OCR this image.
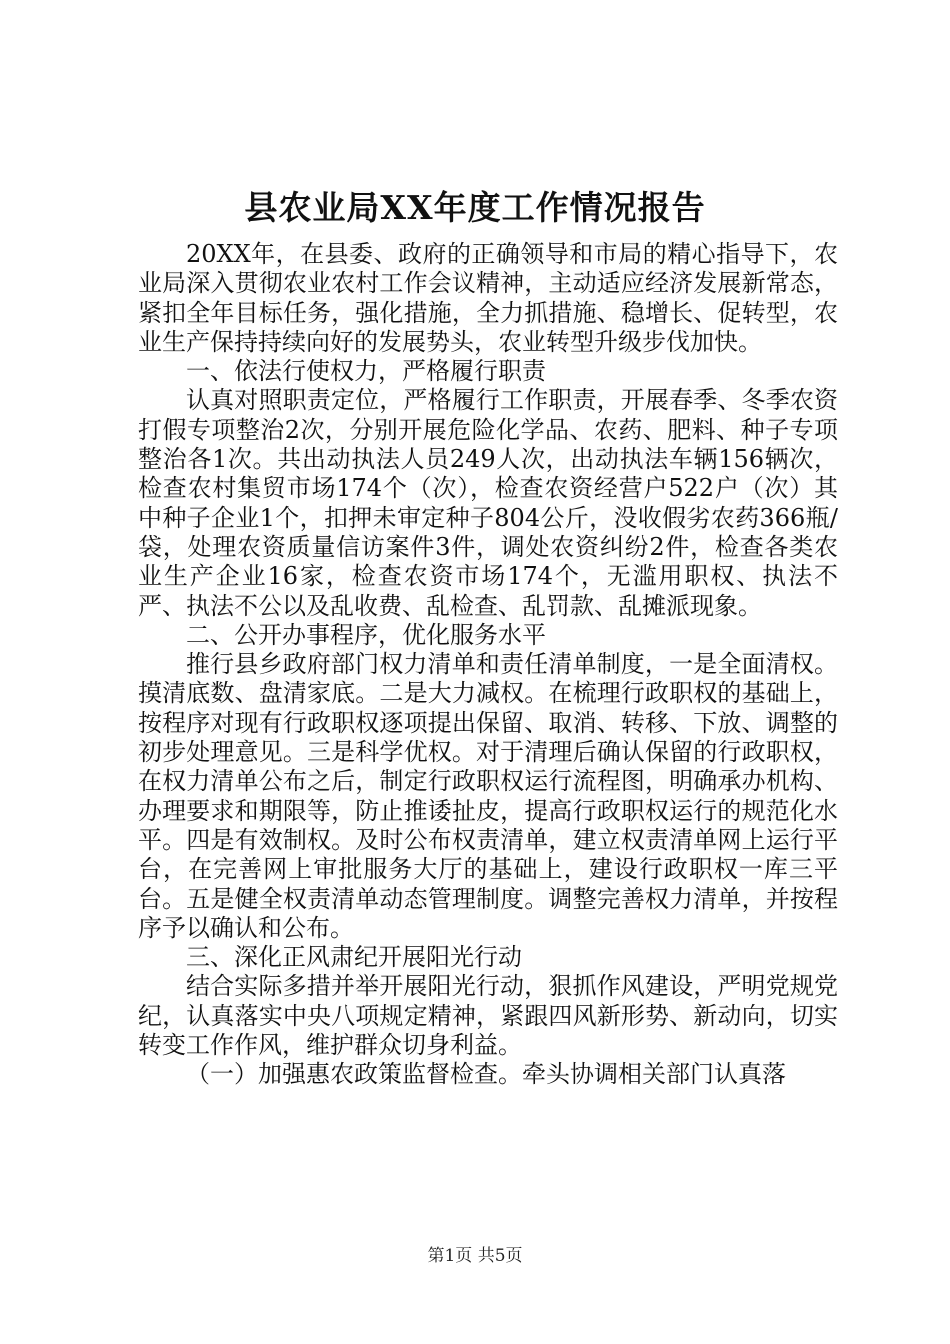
县农业局XX年度工作情况报告

20XX年，在县委、政府的正确领导和市局的精心指导下，农业局深入贯彻农业农村工作会议精神，主动适应经济发展新常态，紧扣全年目标任务，强化措施，全力抓措施、稳增长、促转型，农业生产保持持续向好的发展势头，农业转型升级步伐加快。

一、依法行使权力，严格履行职责

认真对照职责定位，严格履行工作职责，开展春季、冬季农资打假专项整治2次，分别开展危险化学品、农药、肥料、种子专项整治各1次。共出动执法人员249人次，出动执法车辆156辆次，检查农村集贸市场174个（次），检查农资经营户522户（次）其中种子企业1个，扣押未审定种子804公斤，没收假劣农药366瓶/袋，处理农资质量信访案件3件，调处农资纠纷2件，检查各类农业生产企业16家，检查农资市场174个，无滥用职权、执法不严、执法不公以及乱收费、乱检查、乱罚款、乱摊派现象。

二、公开办事程序，优化服务水平

推行县乡政府部门权力清单和责任清单制度，一是全面清权。摸清底数、盘清家底。二是大力减权。在梳理行政职权的基础上，按程序对现有行政职权逐项提出保留、取消、转移、下放、调整的初步处理意见。三是科学优权。对于清理后确认保留的行政职权，在权力清单公布之后，制定行政职权运行流程图，明确承办机构、办理要求和期限等，防止推诿扯皮，提高行政职权运行的规范化水平。四是有效制权。及时公布权责清单，建立权责清单网上运行平台，在完善网上审批服务大厅的基础上，建设行政职权一库三平台。五是健全权责清单动态管理制度。调整完善权力清单，并按程序予以确认和公布。

三、深化正风肃纪开展阳光行动

结合实际多措并举开展阳光行动，狠抓作风建设，严明党规党纪，认真落实中央八项规定精神，紧跟四风新形势、新动向，切实转变工作作风，维护群众切身利益。

（一）加强惠农政策监督检查。牵头协调相关部门认真落

第1页 共5页
